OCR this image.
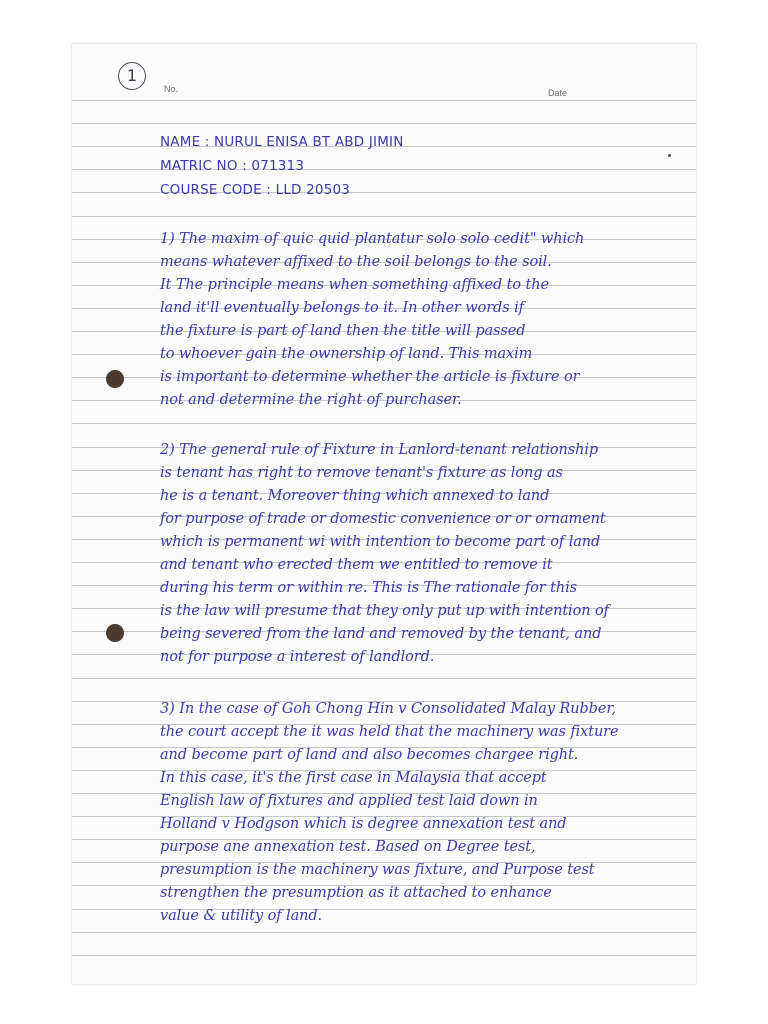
1
No.	Date
NAME : NURUL ENISA BT ABD JIMIN
MATRIC NO : 071313
COURSE CODE : LLD 20503
1) The maxim of quic quid plantatur solo solo cedit" which
means whatever affixed to the soil belongs to the soil.
It The principle means when something affixed to the
land it'll eventually belongs to it. In other words if
the fixture is part of land then the title will passed
to whoever gain the ownership of land. This maxim
is important to determine whether the article is fixture or
not and determine the right of purchaser.
2) The general rule of Fixture in Lanlord-tenant relationship
is tenant has right to remove tenant's fixture as long as
he is a tenant. Moreover thing which annexed to land
for purpose of trade or domestic convenience or or ornament
which is permanent wi with intention to become part of land
and tenant who erected them we entitled to remove it
during his term or within re. This is The rationale for this
is the law will presume that they only put up with intention of
being severed from the land and removed by the tenant, and
not for purpose a interest of landlord.
3) In the case of Goh Chong Hin v Consolidated Malay Rubber,
the court accept the it was held that the machinery was fixture
and become part of land and also becomes chargee right.
In this case, it's the first case in Malaysia that accept
English law of fixtures and applied test laid down in
Holland v Hodgson which is degree annexation test and
purpose ane annexation test. Based on Degree test,
presumption is the machinery was fixture, and Purpose test
strengthen the presumption as it attached to enhance
value & utility of land.
